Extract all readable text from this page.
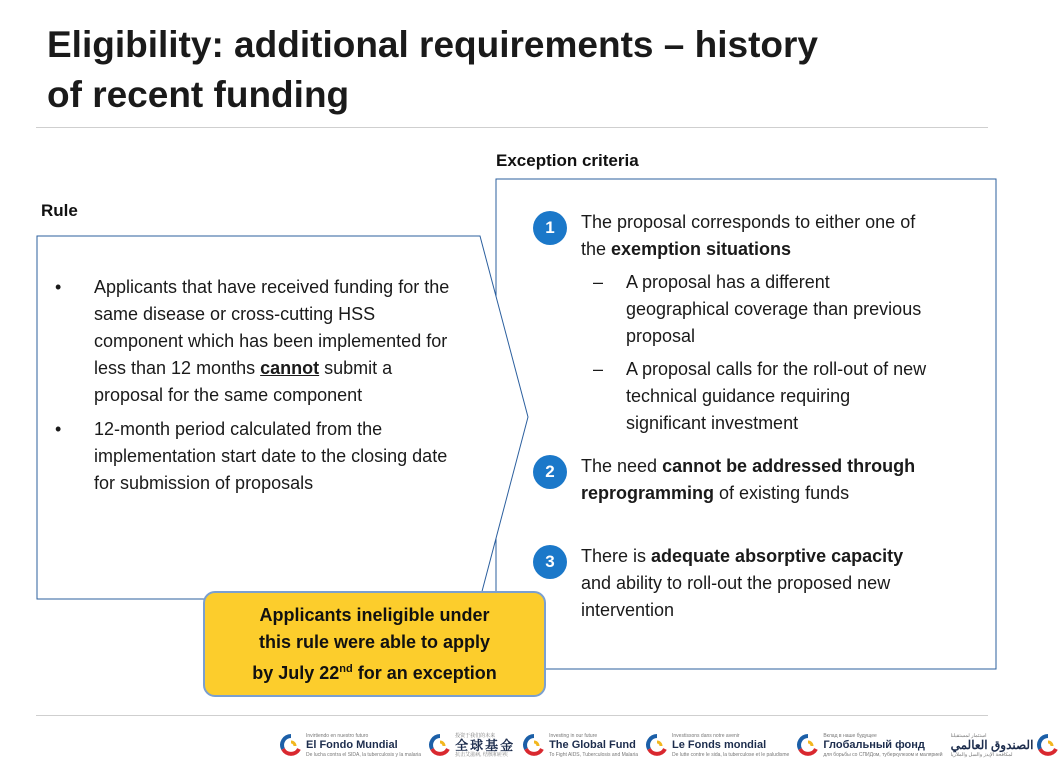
Eligibility: additional requirements – history
of recent funding
Exception criteria
Rule
•	Applicants that have received funding for the same disease or cross-cutting HSS component which has been implemented for less than 12 months cannot submit a proposal for the same component
•	12-month period calculated from the implementation start date to the closing date for submission of proposals
1	The proposal corresponds to either one of the exemption situations
– A proposal has a different geographical coverage than previous proposal
– A proposal calls for the roll-out of new technical guidance requiring significant investment
2	The need cannot be addressed through reprogramming of existing funds
3	There is adequate absorptive capacity and ability to roll-out the proposed new intervention
Applicants ineligible under
this rule were able to apply
by July 22nd for an exception
Invirtiendo en nuestro futuro
El Fondo Mundial
De lucha contra el SIDA, la tuberculosis y la malaria
投资于我们的未来
全球基金
抗击艾滋病, 结核和疟疾
Investing in our future
The Global Fund
To Fight AIDS, Tuberculosis and Malaria
Investissons dans notre avenir
Le Fonds mondial
De lutte contre le sida, la tuberculose et le paludisme
Вклад в наше будущее
Глобальный фонд
для борьбы со СПИДом, туберкулезом и малярией
استثمار لمستقبلنا
الصندوق العالمي
لمكافحة الإيدز والسل والملاريا
